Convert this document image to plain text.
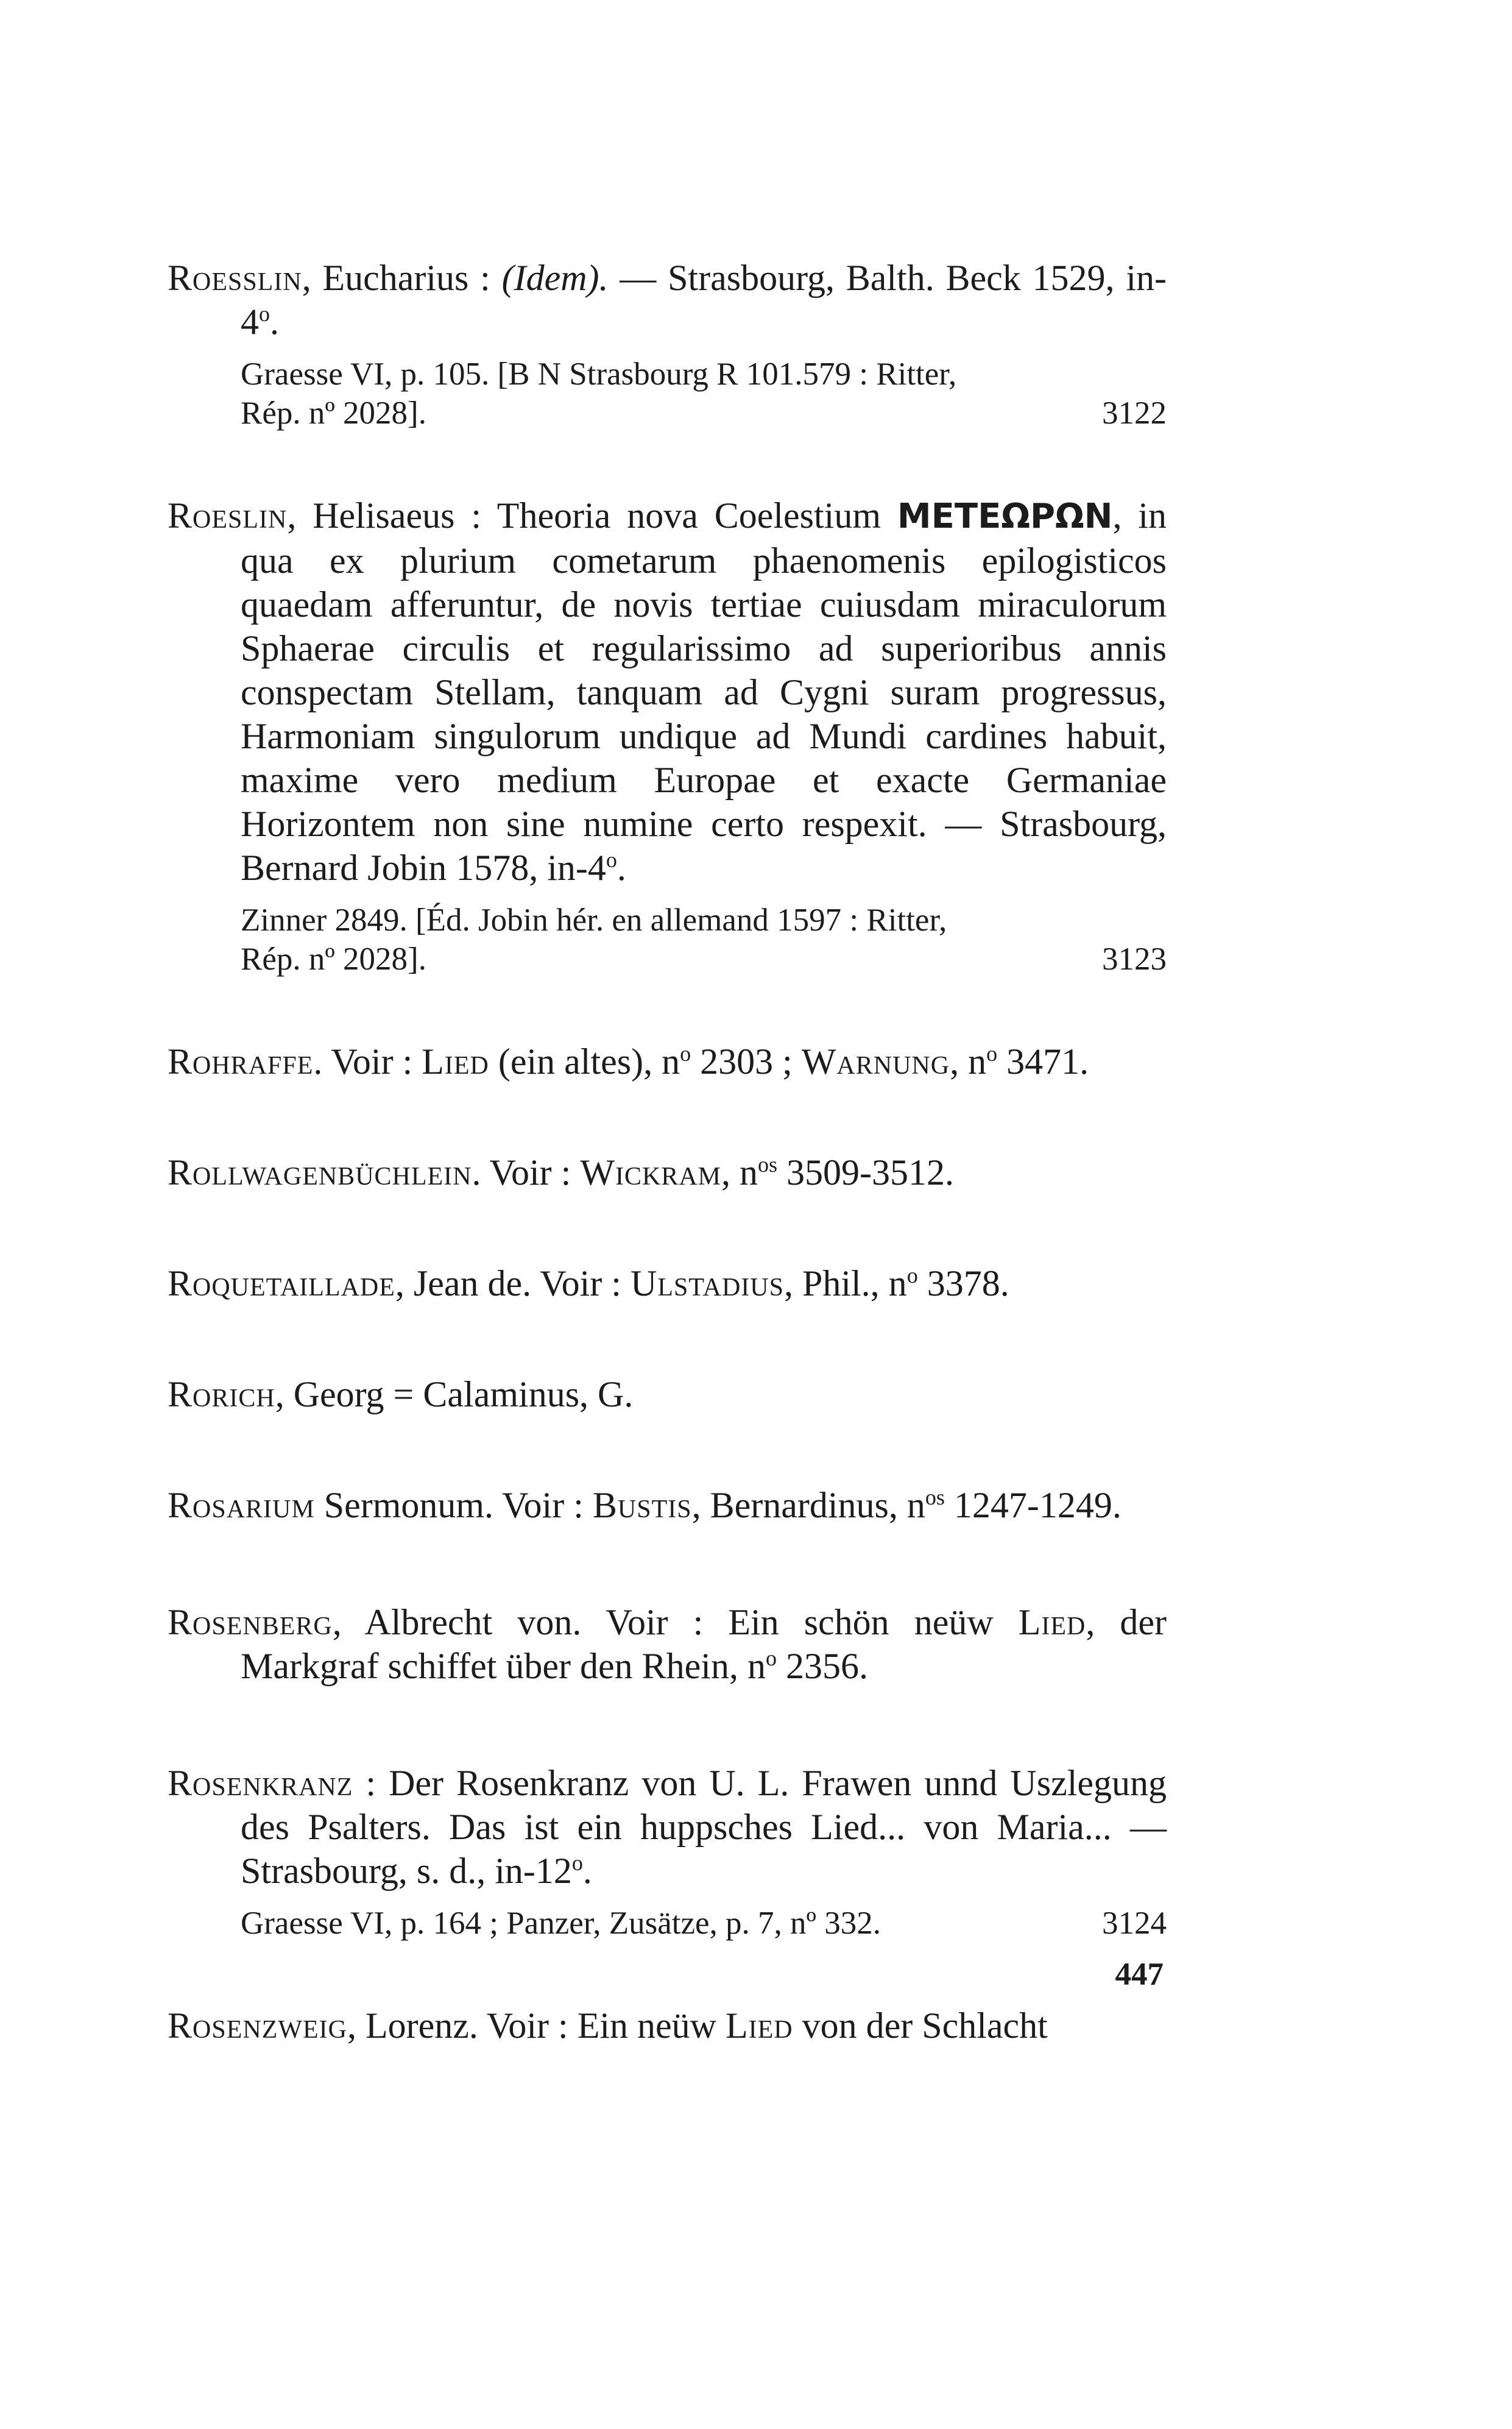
Roesslin, Eucharius : (Idem). — Strasbourg, Balth. Beck 1529, in-4$^o$.
Graesse VI, p. 105. [B N Strasbourg R 101.579 : Ritter,
Rép. nº 2028].	3122
Roeslin, Helisaeus : Theoria nova Coelestium ΜΕΤΕΩΡΩΝ, in qua ex plurium cometarum phaenomenis epilogisticos quaedam afferuntur, de novis tertiae cuiusdam miraculorum Sphaerae circulis et regularissimo ad superioribus annis conspectam Stellam, tanquam ad Cygni suram progressus, Harmoniam singulorum undique ad Mundi cardines habuit, maxime vero medium Europae et exacte Germaniae Horizontem non sine numine certo respexit. — Strasbourg, Bernard Jobin 1578, in-4$^o$.
Zinner 2849. [Éd. Jobin hér. en allemand 1597 : Ritter,
Rép. nº 2028].	3123
Rohraffe. Voir : Lied (ein altes), $n^o$ 2303 ; Warnung, $n^o$ 3471.
Rollwagenbüchlein. Voir : Wickram, $n^{os}$ 3509-3512.
Roquetaillade, Jean de. Voir : Ulstadius, Phil., $n^o$ 3378.
Rorich, Georg = Calaminus, G.
Rosarium Sermonum. Voir : Bustis, Bernardinus, $n^{os}$ 1247-1249.
Rosenberg, Albrecht von. Voir : Ein schön neüw Lied, der Markgraf schiffet über den Rhein, $n^o$ 2356.
Rosenkranz : Der Rosenkranz von U. L. Frawen unnd Uszlegung des Psalters. Das ist ein huppsches Lied... von Maria... — Strasbourg, s. d., in-12$^o$.
Graesse VI, p. 164 ; Panzer, Zusätze, p. 7, nº 332.	3124
Rosenzweig, Lorenz. Voir : Ein neüw Lied von der Schlacht
447
